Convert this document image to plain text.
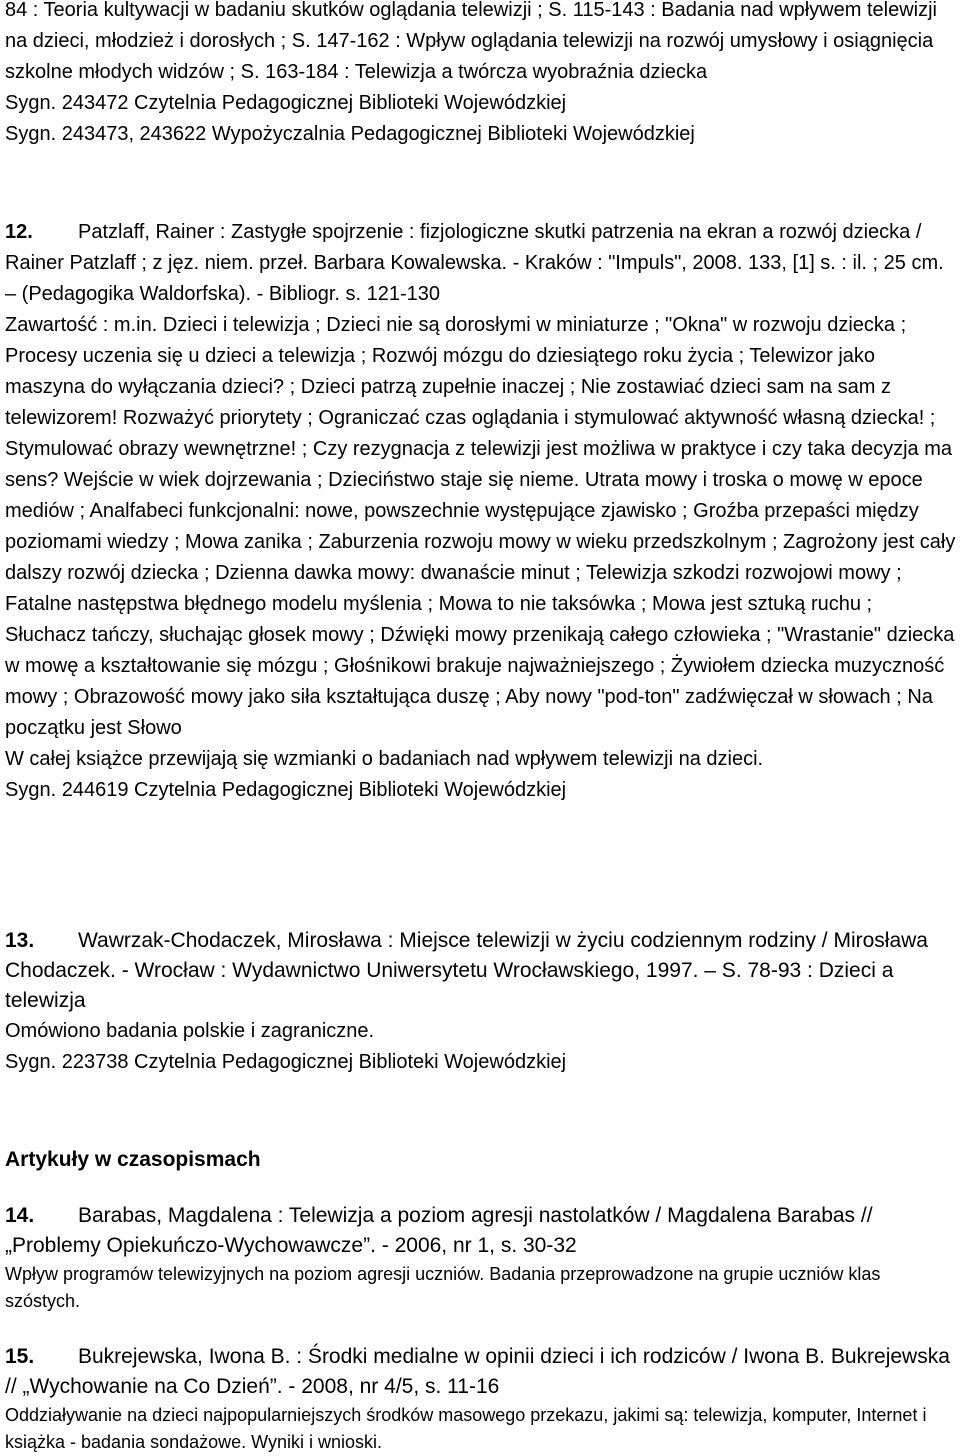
84 : Teoria kultywacji w badaniu skutków oglądania telewizji ; S. 115-143 : Badania nad wpływem telewizji na dzieci, młodzież i dorosłych ; S. 147-162 : Wpływ oglądania telewizji na rozwój umysłowy i osiągnięcia szkolne młodych widzów ; S. 163-184 : Telewizja a twórcza wyobraźnia dziecka

Sygn. 243472 Czytelnia Pedagogicznej Biblioteki Wojewódzkiej

Sygn. 243473, 243622 Wypożyczalnia Pedagogicznej Biblioteki Wojewódzkiej

12. Patzlaff, Rainer : Zastygłe spojrzenie : fizjologiczne skutki patrzenia na ekran a rozwój dziecka / Rainer Patzlaff ; z jęz. niem. przeł. Barbara Kowalewska. - Kraków : "Impuls", 2008. 133, [1] s. : il. ; 25 cm. ‒ (Pedagogika Waldorfska). - Bibliogr. s. 121-130

Zawartość : m.in. Dzieci i telewizja ; Dzieci nie są dorosłymi w miniaturze ; "Okna" w rozwoju dziecka ; Procesy uczenia się u dzieci a telewizja ; Rozwój mózgu do dziesiątego roku życia ; Telewizor jako maszyna do wyłączania dzieci? ; Dzieci patrzą zupełnie inaczej ; Nie zostawiać dzieci sam na sam z telewizorem! Rozważyć priorytety ; Ograniczać czas oglądania i stymulować aktywność własną dziecka! ; Stymulować obrazy wewnętrzne! ; Czy rezygnacja z telewizji jest możliwa w praktyce i czy taka decyzja ma sens? Wejście w wiek dojrzewania ; Dzieciństwo staje się nieme. Utrata mowy i troska o mowę w epoce mediów ; Analfabeci funkcjonalni: nowe, powszechnie występujące zjawisko ; Groźba przepaści między poziomami wiedzy ; Mowa zanika ; Zaburzenia rozwoju mowy w wieku przedszkolnym ; Zagrożony jest cały dalszy rozwój dziecka ; Dzienna dawka mowy: dwanaście minut ; Telewizja szkodzi rozwojowi mowy ; Fatalne następstwa błędnego modelu myślenia ; Mowa to nie taksówka ; Mowa jest sztuką ruchu ; Słuchacz tańczy, słuchając głosek mowy ; Dźwięki mowy przenikają całego człowieka ; "Wrastanie" dziecka w mowę a kształtowanie się mózgu ; Głośnikowi brakuje najważniejszego ; Żywiołem dziecka muzyczność mowy ; Obrazowość mowy jako siła kształtująca duszę ; Aby nowy "pod-ton" zadźwięczał w słowach ; Na początku jest Słowo

W całej książce przewijają się wzmianki o badaniach nad wpływem telewizji na dzieci.

Sygn. 244619 Czytelnia Pedagogicznej Biblioteki Wojewódzkiej

13. Wawrzak-Chodaczek, Mirosława : Miejsce telewizji w życiu codziennym rodziny / Mirosława Chodaczek. - Wrocław : Wydawnictwo Uniwersytetu Wrocławskiego, 1997. ‒ S. 78-93 : Dzieci a telewizja

Omówiono badania polskie i zagraniczne.

Sygn. 223738 Czytelnia Pedagogicznej Biblioteki Wojewódzkiej

Artykuły w czasopismach

14. Barabas, Magdalena : Telewizja a poziom agresji nastolatków / Magdalena Barabas // „Problemy Opiekuńczo-Wychowawcze”. - 2006, nr 1, s. 30-32

Wpływ programów telewizyjnych na poziom agresji uczniów. Badania przeprowadzone na grupie uczniów klas szóstych.

15. Bukrejewska, Iwona B. : Środki medialne w opinii dzieci i ich rodziców / Iwona B. Bukrejewska // „Wychowanie na Co Dzień”. - 2008, nr 4/5, s. 11-16

Oddziaływanie na dzieci najpopularniejszych środków masowego przekazu, jakimi są: telewizja, komputer, Internet i książka - badania sondażowe. Wyniki i wnioski.
